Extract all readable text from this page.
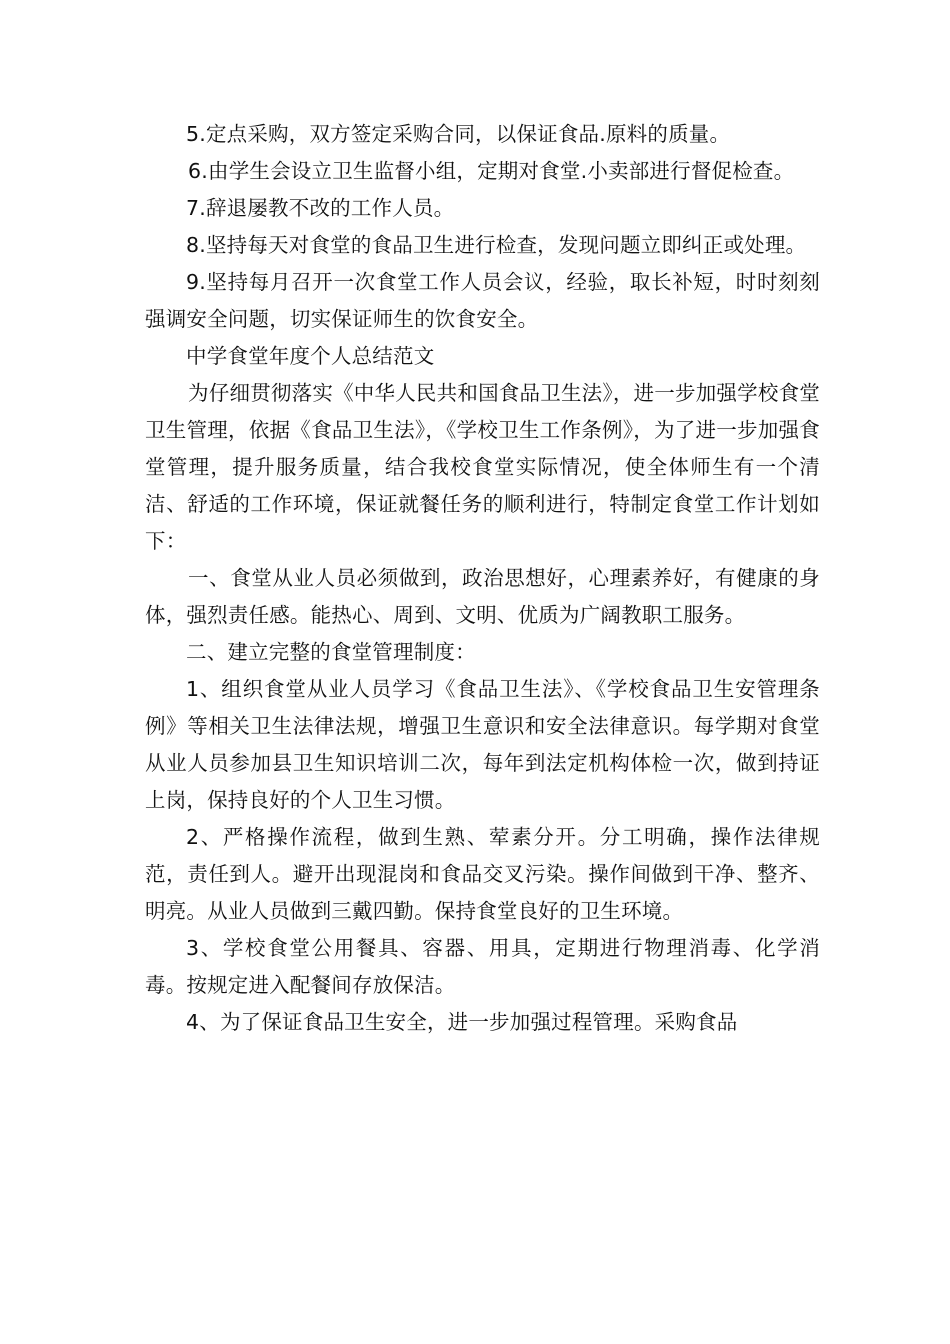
5.定点采购，双方签定采购合同，以保证食品.原料的质量。

6.由学生会设立卫生监督小组，定期对食堂.小卖部进行督促检查。

7.辞退屡教不改的工作人员。

8.坚持每天对食堂的食品卫生进行检查，发现问题立即纠正或处理。

9.坚持每月召开一次食堂工作人员会议，经验，取长补短，时时刻刻强调安全问题，切实保证师生的饮食安全。

中学食堂年度个人总结范文

为仔细贯彻落实《中华人民共和国食品卫生法》，进一步加强学校食堂卫生管理，依据《食品卫生法》，《学校卫生工作条例》，为了进一步加强食堂管理，提升服务质量，结合我校食堂实际情况，使全体师生有一个清洁、舒适的工作环境，保证就餐任务的顺利进行，特制定食堂工作计划如下：

一、食堂从业人员必须做到，政治思想好，心理素养好，有健康的身体，强烈责任感。能热心、周到、文明、优质为广阔教职工服务。

二、建立完整的食堂管理制度：

1、组织食堂从业人员学习《食品卫生法》、《学校食品卫生安管理条例》等相关卫生法律法规，增强卫生意识和安全法律意识。每学期对食堂从业人员参加县卫生知识培训二次，每年到法定机构体检一次，做到持证上岗，保持良好的个人卫生习惯。

2、严格操作流程，做到生熟、荤素分开。分工明确，操作法律规范，责任到人。避开出现混岗和食品交叉污染。操作间做到干净、整齐、明亮。从业人员做到三戴四勤。保持食堂良好的卫生环境。

3、学校食堂公用餐具、容器、用具，定期进行物理消毒、化学消毒。按规定进入配餐间存放保洁。

4、为了保证食品卫生安全，进一步加强过程管理。采购食品
